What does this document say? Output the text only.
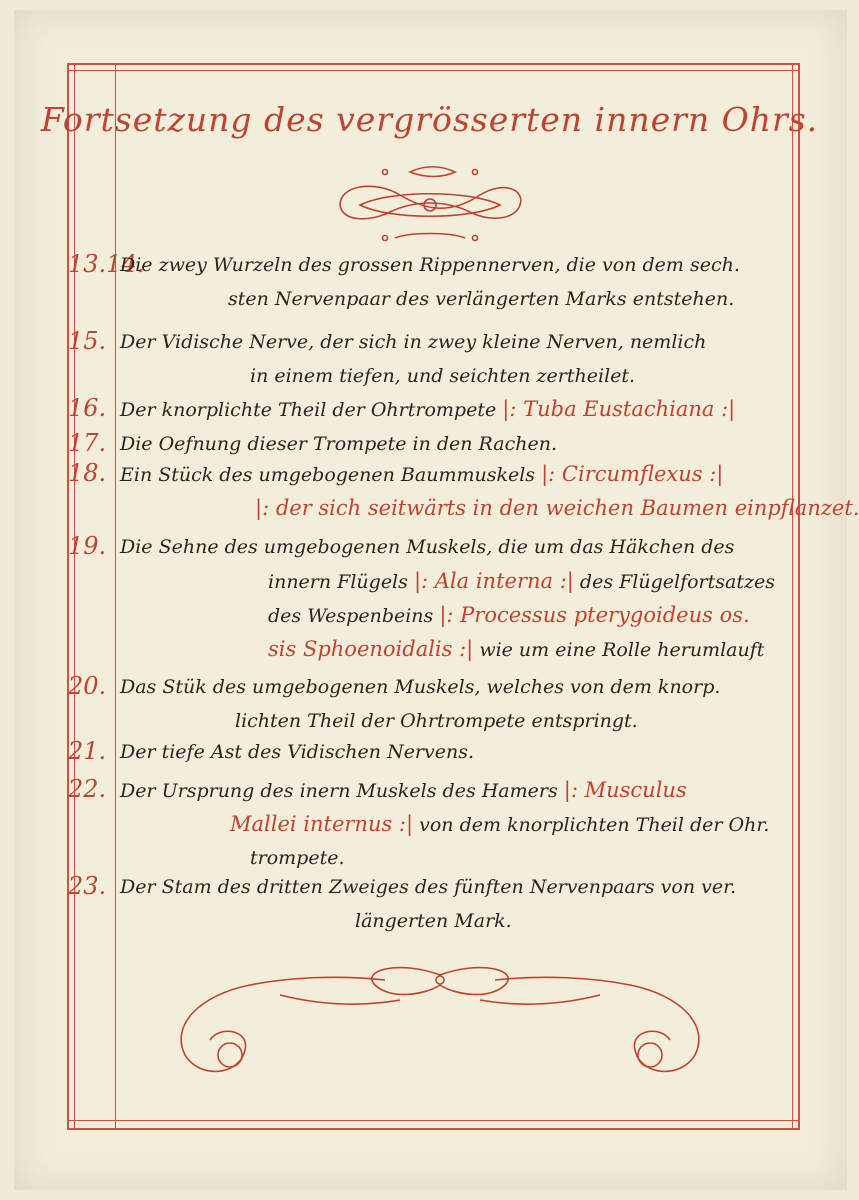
Fortsetzung des vergrösserten innern Ohrs.
13.14.
Die zwey Wurzeln des grossen Rippennerven, die von dem sech.
sten Nervenpaar des verlängerten Marks entstehen.
15. Der Vidische Nerve, der sich in zwey kleine Nerven, nemlich
in einem tiefen, und seichten zertheilet.
16. Der knorplichte Theil der Ohrtrompete |: Tuba Eustachiana :|
17. Die Oefnung dieser Trompete in den Rachen.
18. Ein Stück des umgebogenen Baummuskels |: Circumflexus :|
|: der sich seitwärts in den weichen Baumen einpflanzet.
19. Die Sehne des umgebogenen Muskels, die um das Häkchen des
innern Flügels |: Ala interna :| des Flügelfortsatzes
des Wespenbeins |: Processus pterygoideus os.
sis Sphoenoidalis :| wie um eine Rolle herumlauft
20. Das Stük des umgebogenen Muskels, welches von dem knorp.
lichten Theil der Ohrtrompete entspringt.
21. Der tiefe Ast des Vidischen Nervens.
22. Der Ursprung des inern Muskels des Hamers |: Musculus
Mallei internus :| von dem knorplichten Theil der Ohr.
trompete.
23. Der Stam des dritten Zweiges des fünften Nervenpaars von ver.
längerten Mark.
